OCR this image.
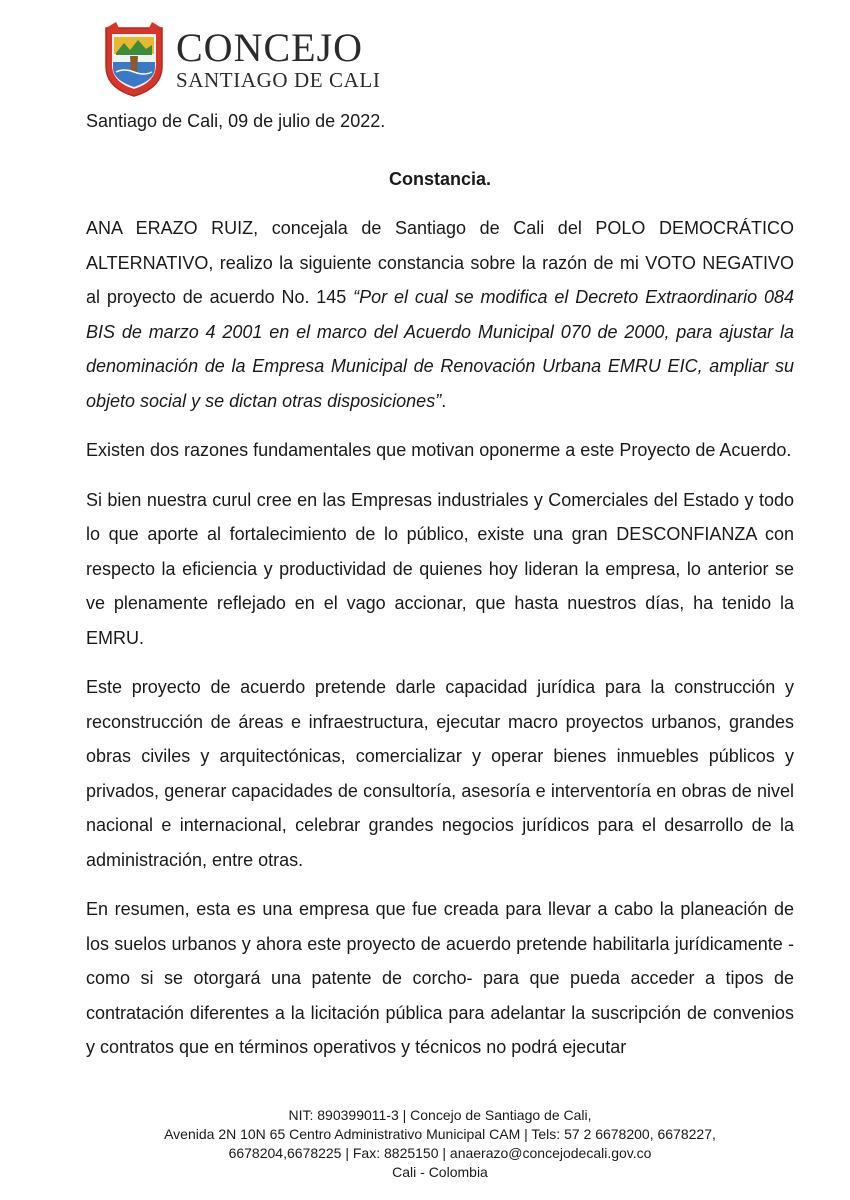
CONCEJO
SANTIAGO DE CALI

Santiago de Cali, 09 de julio de 2022.

Constancia.

ANA ERAZO RUIZ, concejala de Santiago de Cali del POLO DEMOCRÁTICO ALTERNATIVO, realizo la siguiente constancia sobre la razón de mi VOTO NEGATIVO al proyecto de acuerdo No. 145 “Por el cual se modifica el Decreto Extraordinario 084 BIS de marzo 4 2001 en el marco del Acuerdo Municipal 070 de 2000, para ajustar la denominación de la Empresa Municipal de Renovación Urbana EMRU EIC, ampliar su objeto social y se dictan otras disposiciones”.

Existen dos razones fundamentales que motivan oponerme a este Proyecto de Acuerdo.

Si bien nuestra curul cree en las Empresas industriales y Comerciales del Estado y todo lo que aporte al fortalecimiento de lo público, existe una gran DESCONFIANZA con respecto la eficiencia y productividad de quienes hoy lideran la empresa, lo anterior se ve plenamente reflejado en el vago accionar, que hasta nuestros días, ha tenido la EMRU.

Este proyecto de acuerdo pretende darle capacidad jurídica para la construcción y reconstrucción de áreas e infraestructura, ejecutar macro proyectos urbanos, grandes obras civiles y arquitectónicas, comercializar y operar bienes inmuebles públicos y privados, generar capacidades de consultoría, asesoría e interventoría en obras de nivel nacional e internacional, celebrar grandes negocios jurídicos para el desarrollo de la administración, entre otras.

En resumen, esta es una empresa que fue creada para llevar a cabo la planeación de los suelos urbanos y ahora este proyecto de acuerdo pretende habilitarla jurídicamente -como si se otorgará una patente de corcho- para que pueda acceder a tipos de contratación diferentes a la licitación pública para adelantar la suscripción de convenios y contratos que en términos operativos y técnicos no podrá ejecutar

NIT: 890399011-3 | Concejo de Santiago de Cali,
Avenida 2N 10N 65 Centro Administrativo Municipal CAM | Tels: 57 2 6678200, 6678227,
6678204,6678225 | Fax: 8825150 | anaerazo@concejodecali.gov.co
Cali - Colombia
